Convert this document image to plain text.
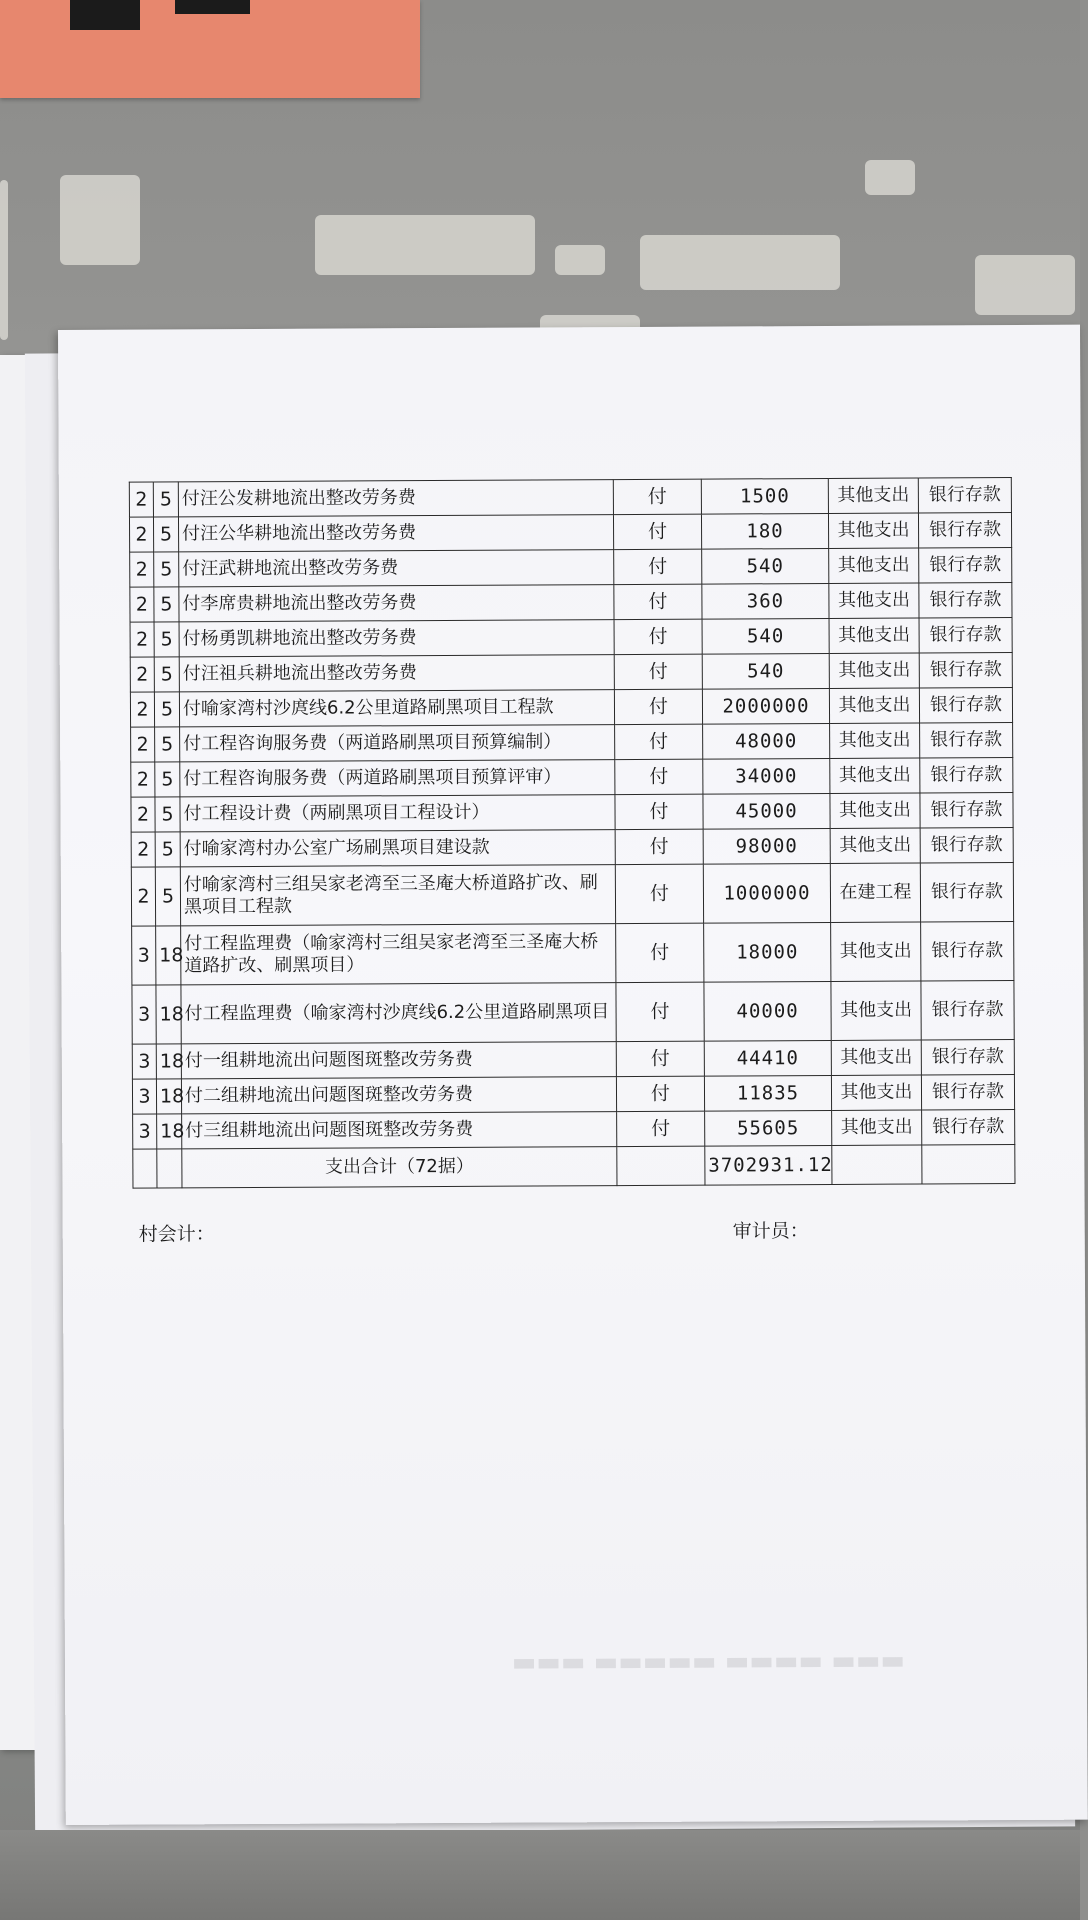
2	5	付汪公发耕地流出整改劳务费	付	1500	其他支出	银行存款
2	5	付汪公华耕地流出整改劳务费	付	180	其他支出	银行存款
2	5	付汪武耕地流出整改劳务费	付	540	其他支出	银行存款
2	5	付李席贵耕地流出整改劳务费	付	360	其他支出	银行存款
2	5	付杨勇凯耕地流出整改劳务费	付	540	其他支出	银行存款
2	5	付汪祖兵耕地流出整改劳务费	付	540	其他支出	银行存款
2	5	付喻家湾村沙庹线6.2公里道路刷黑项目工程款	付	2000000	其他支出	银行存款
2	5	付工程咨询服务费（两道路刷黑项目预算编制）	付	48000	其他支出	银行存款
2	5	付工程咨询服务费（两道路刷黑项目预算评审）	付	34000	其他支出	银行存款
2	5	付工程设计费（两刷黑项目工程设计）	付	45000	其他支出	银行存款
2	5	付喻家湾村办公室广场刷黑项目建设款	付	98000	其他支出	银行存款
2	5	付喻家湾村三组吴家老湾至三圣庵大桥道路扩改、刷黑项目工程款	付	1000000	在建工程	银行存款
3	18	付工程监理费（喻家湾村三组吴家老湾至三圣庵大桥道路扩改、刷黑项目）	付	18000	其他支出	银行存款
3	18	付工程监理费（喻家湾村沙庹线6.2公里道路刷黑项目	付	40000	其他支出	银行存款
3	18	付一组耕地流出问题图斑整改劳务费	付	44410	其他支出	银行存款
3	18	付二组耕地流出问题图斑整改劳务费	付	11835	其他支出	银行存款
3	18	付三组耕地流出问题图斑整改劳务费	付	55605	其他支出	银行存款
		支出合计（72据）		3702931.12		
村会计：	审计员：
▬▬▬ ▬▬▬▬ ▬▬▬▬▬ ▬▬▬
